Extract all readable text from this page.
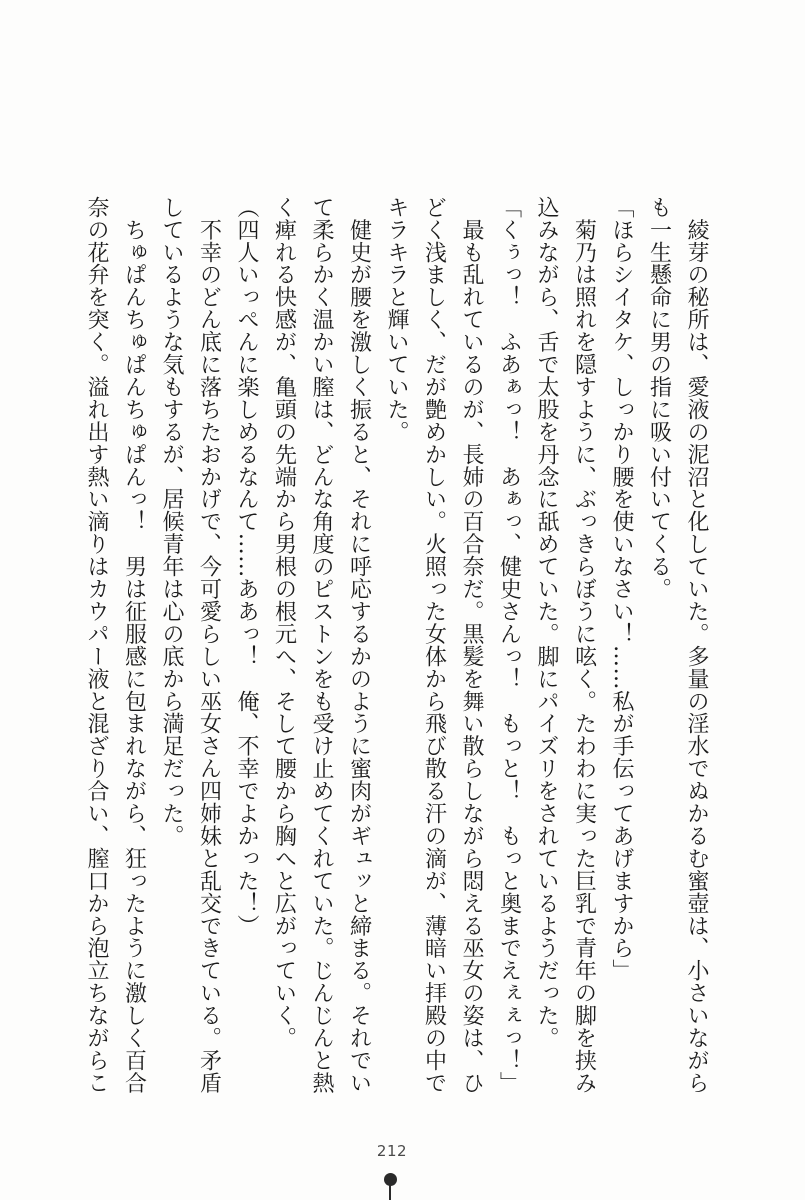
　綾芽の秘所は、愛液の泥沼と化していた。多量の淫水でぬかるむ蜜壺は、小さいながら
も一生懸命に男の指に吸い付いてくる。
「ほらシイタケ、しっかり腰を使いなさい！……私が手伝ってあげますから」
　菊乃は照れを隠すように、ぶっきらぼうに呟く。たわわに実った巨乳で青年の脚を挟み
込みながら、舌で太股を丹念に舐めていた。脚にパイズリをされているようだった。
「くぅっ！　ふあぁっ！　あぁっ、健史さんっ！　もっと！　もっと奥までえぇぇっ！」
　最も乱れているのが、長姉の百合奈だ。黒髪を舞い散らしながら悶える巫女の姿は、ひ
どく浅ましく、だが艶めかしい。火照った女体から飛び散る汗の滴が、薄暗い拝殿の中で
キラキラと輝いていた。
　健史が腰を激しく振ると、それに呼応するかのように蜜肉がギュッと締まる。それでい
て柔らかく温かい膣は、どんな角度のピストンをも受け止めてくれていた。じんじんと熱
く痺れる快感が、亀頭の先端から男根の根元へ、そして腰から胸へと広がっていく。
（四人いっぺんに楽しめるなんて……ああっ！　俺、不幸でよかった！）
　不幸のどん底に落ちたおかげで、今可愛らしい巫女さん四姉妹と乱交できている。矛盾
しているような気もするが、居候青年は心の底から満足だった。
　ちゅぱんちゅぱんちゅぱんっ！　男は征服感に包まれながら、狂ったように激しく百合
奈の花弁を突く。溢れ出す熱い滴りはカウパー液と混ざり合い、膣口から泡立ちながらこ
212
